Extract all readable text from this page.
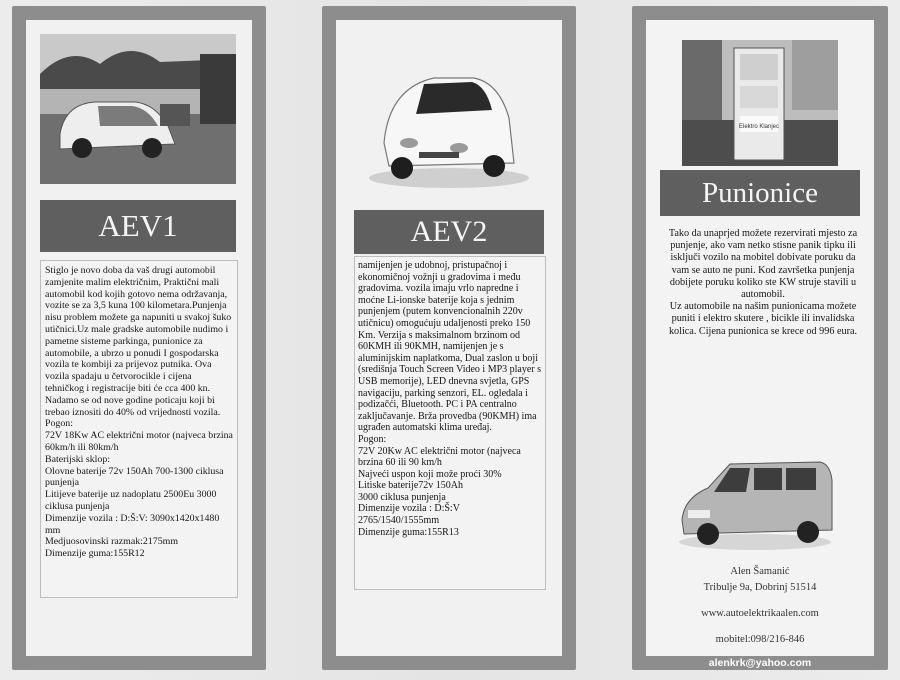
AEV1
Stiglo je novo doba da vaš drugi automobil zamjenite malim električnim, Praktični mali automobil kod kojih gotovo nema održavanja, vozite se za 3,5 kuna 100 kilometara.Punjenja nisu problem možete ga napuniti u svakoj šuko utičnici.Uz male gradske automobile nudimo i pametne sisteme parkinga, punionice za automobile, a ubrzo u ponudi I gospodarska vozila te kombiji za prijevoz putnika. Ova vozila spadaju u četvorocikle i cijena tehničkog i registracije biti će cca 400 kn. Nadamo se od nove godine poticaju koji bi trebao iznositi do 40% od vrijednosti vozila.
Pogon:
72V 18Kw AC električni motor (najveca brzina 60km/h ili 80km/h
Baterijski sklop:
Olovne baterije 72v 150Ah 700-1300 ciklusa punjenja
Litijeve baterije uz nadoplatu 2500Eu 3000 ciklusa punjenja
Dimenzije vozila : D:Š:V: 3090x1420x1480 mm
Medjuosovinski razmak:2175mm
Dimenzije guma:155R12
AEV2
namijenjen je udobnoj, pristupačnoj i ekonomičnoj vožnji u gradovima i među gradovima. vozila imaju vrlo napredne i moćne Li-ionske baterije koja s jednim punjenjem (putem konvencionalnih 220v utičnicu) omogućuju udaljenosti preko 150 Km. Verzija s maksimalnom brzinom od 60KMH ili 90KMH, namijenjen je s aluminijskim naplatkoma, Dual zaslon u boji (središnja Touch Screen Video i MP3 player s USB memorije), LED dnevna svjetla, GPS navigaciju, parking senzori, EL. ogledala i podizačći, Bluetooth. PC i PA centralno zaključavanje. Brža provedba (90KMH) ima ugrađen automatski klima uređaj.
Pogon:
72V 20Kw AC električni motor (najveca brzina 60 ili 90 km/h
Najveći uspon koji može proći 30%
Litiske baterije72v 150Ah
3000 ciklusa punjenja
Dimenzije vozila : D:Š:V
2765/1540/1555mm
Dimenzije guma:155R13
Elektro Klanjec
Punionice
Tako da unaprjed možete rezervirati mjesto za punjenje, ako vam netko stisne panik tipku ili isključi vozilo na mobitel dobivate poruku da vam se auto ne puni. Kod završetka punjenja dobijete poruku koliko ste KW struje stavili u automobil.
Uz automobile na našim punionicama možete puniti i elektro skutere , bicikle ili invalidska kolica. Cijena punionica se krece od 996 eura.
Alen Šamanić
Tribulje 9a, Dobrinj 51514
www.autoelektrikaalen.com
mobitel:098/216-846
alenkrk@yahoo.com
